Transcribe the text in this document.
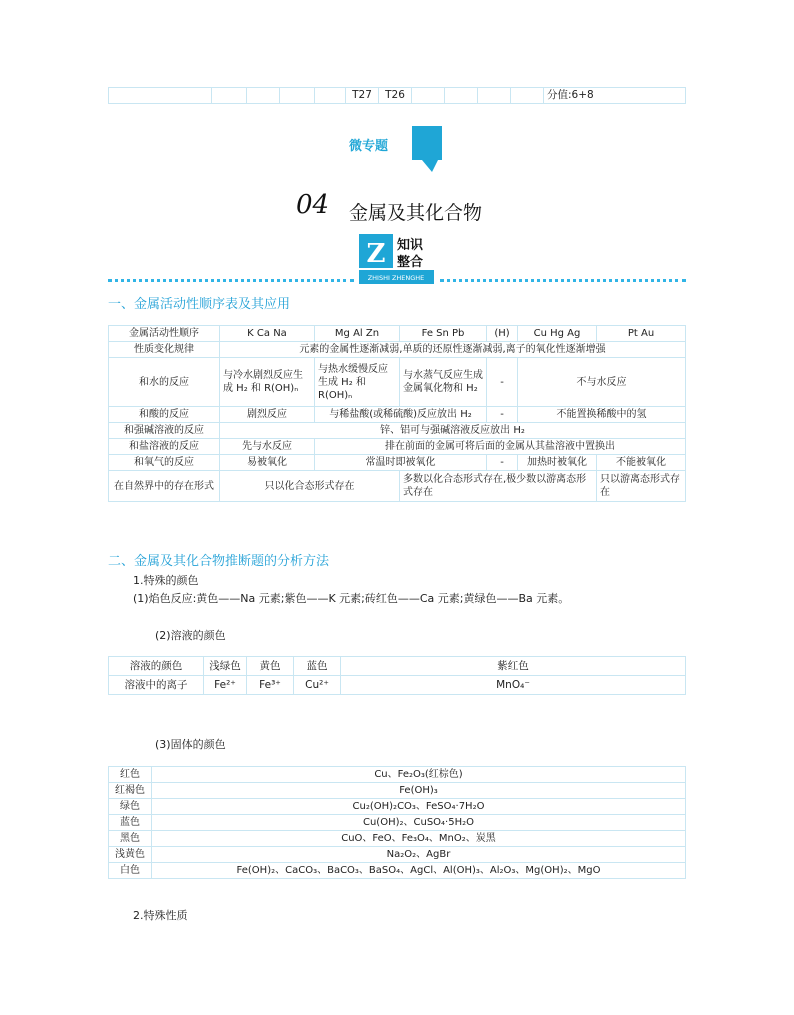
					T27	T26					分值:6+8
微专题
04 金属及其化合物
Z 知识
整合
ZHISHI ZHENGHE
一、金属活动性顺序表及其应用
金属活动性顺序	K Ca Na	Mg Al Zn	Fe Sn Pb	(H)	Cu Hg Ag	Pt Au
性质变化规律	元素的金属性逐渐减弱,单质的还原性逐渐减弱,离子的氧化性逐渐增强					
和水的反应	与冷水剧烈反应生成 H₂ 和 R(OH)ₙ	与热水缓慢反应生成 H₂ 和 R(OH)ₙ	与水蒸气反应生成金属氧化物和 H₂	-	不与水反应	
和酸的反应	剧烈反应	与稀盐酸(或稀硫酸)反应放出 H₂		-	不能置换稀酸中的氢	
和强碱溶液的反应	锌、铝可与强碱溶液反应放出 H₂					
和盐溶液的反应	先与水反应	排在前面的金属可将后面的金属从其盐溶液中置换出				
和氧气的反应	易被氧化	常温时即被氧化		-	加热时被氧化	不能被氧化
在自然界中的存在形式	只以化合态形式存在		多数以化合态形式存在,极少数以游离态形式存在			只以游离态形式存在
二、金属及其化合物推断题的分析方法
1.特殊的颜色
(1)焰色反应:黄色——Na 元素;紫色——K 元素;砖红色——Ca 元素;黄绿色——Ba 元素。
(2)溶液的颜色
溶液的颜色	浅绿色	黄色	蓝色	紫红色
溶液中的离子	Fe²⁺	Fe³⁺	Cu²⁺	MnO₄⁻
(3)固体的颜色
红色	Cu、Fe₂O₃(红棕色)
红褐色	Fe(OH)₃
绿色	Cu₂(OH)₂CO₃、FeSO₄·7H₂O
蓝色	Cu(OH)₂、CuSO₄·5H₂O
黑色	CuO、FeO、Fe₃O₄、MnO₂、炭黑
浅黄色	Na₂O₂、AgBr
白色	Fe(OH)₂、CaCO₃、BaCO₃、BaSO₄、AgCl、Al(OH)₃、Al₂O₃、Mg(OH)₂、MgO
2.特殊性质
